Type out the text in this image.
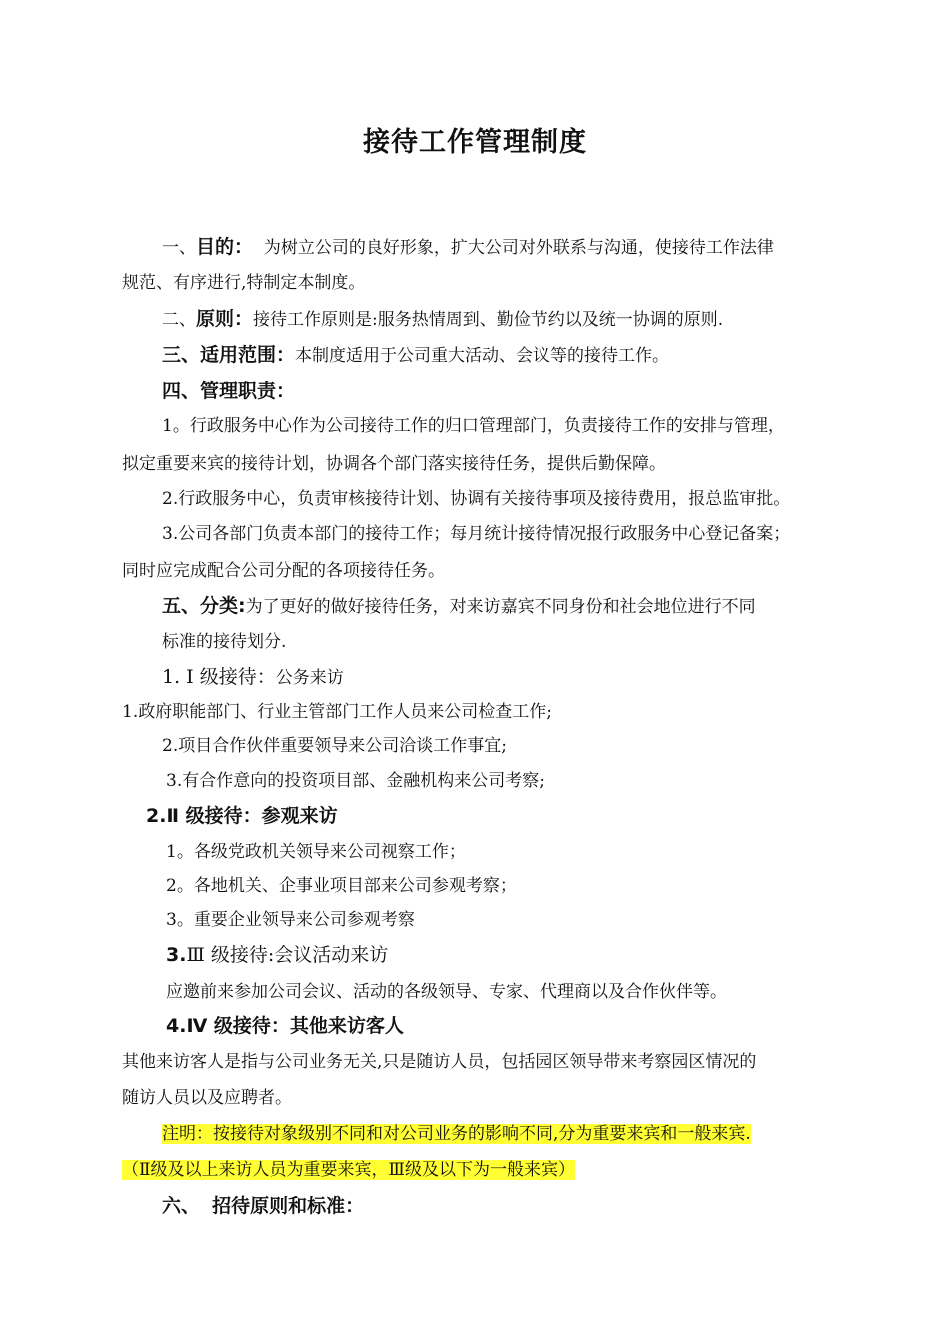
接待工作管理制度
一、目的： 为树立公司的良好形象，扩大公司对外联系与沟通，使接待工作法律
规范、有序进行,特制定本制度。
二、原则：接待工作原则是:服务热情周到、勤俭节约以及统一协调的原则.
三、适用范围：本制度适用于公司重大活动、会议等的接待工作。
四、管理职责：
1。行政服务中心作为公司接待工作的归口管理部门，负责接待工作的安排与管理，
拟定重要来宾的接待计划，协调各个部门落实接待任务，提供后勤保障。
2.行政服务中心，负责审核接待计划、协调有关接待事项及接待费用，报总监审批。
3.公司各部门负责本部门的接待工作；每月统计接待情况报行政服务中心登记备案；
同时应完成配合公司分配的各项接待任务。
五、分类:为了更好的做好接待任务，对来访嘉宾不同身份和社会地位进行不同
标准的接待划分.
1. Ⅰ 级接待：公务来访
1.政府职能部门、行业主管部门工作人员来公司检查工作;
2.项目合作伙伴重要领导来公司洽谈工作事宜;
3.有合作意向的投资项目部、金融机构来公司考察;
2.Ⅱ 级接待：参观来访
1。各级党政机关领导来公司视察工作；
2。各地机关、企事业项目部来公司参观考察；
3。重要企业领导来公司参观考察
3.Ⅲ 级接待:会议活动来访
应邀前来参加公司会议、活动的各级领导、专家、代理商以及合作伙伴等。
4.Ⅳ 级接待：其他来访客人
其他来访客人是指与公司业务无关,只是随访人员，包括园区领导带来考察园区情况的
随访人员以及应聘者。
注明：按接待对象级别不同和对公司业务的影响不同,分为重要来宾和一般来宾.
（Ⅱ级及以上来访人员为重要来宾，Ⅲ级及以下为一般来宾）
六、 招待原则和标准：
